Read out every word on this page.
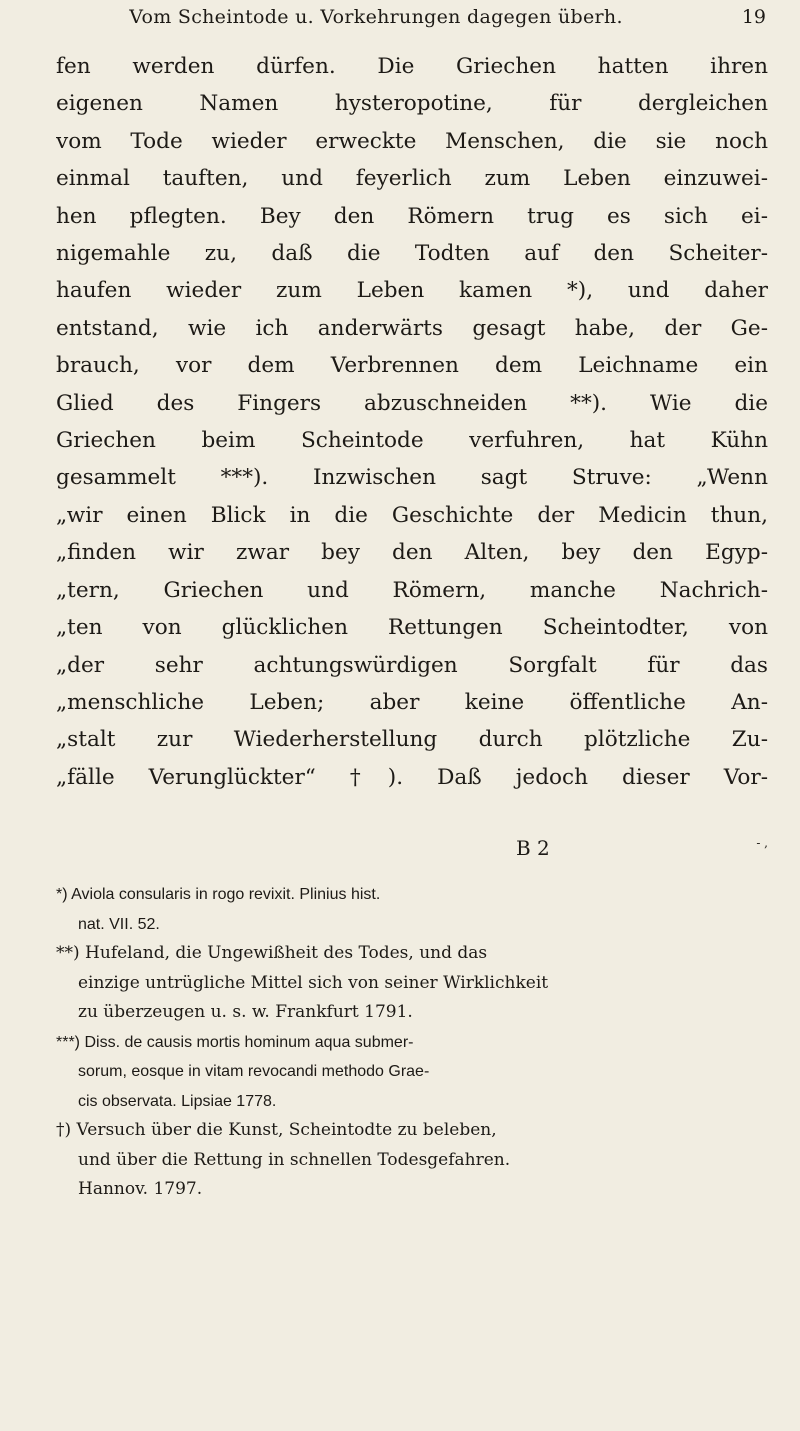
Vom Scheintode u. Vorkehrungen dagegen überh.	19
fen werden dürfen. Die Griechen hatten ihren
eigenen Namen hysteropotine, für dergleichen
vom Tode wieder erweckte Menschen, die sie noch
einmal tauften, und feyerlich zum Leben einzuwei-
hen pflegten. Bey den Römern trug es sich ei-
nigemahle zu, daß die Todten auf den Scheiter-
haufen wieder zum Leben kamen *), und daher
entstand, wie ich anderwärts gesagt habe, der Ge-
brauch, vor dem Verbrennen dem Leichname ein
Glied des Fingers abzuschneiden **). Wie die
Griechen beim Scheintode verfuhren, hat Kühn
gesammelt ***). Inzwischen sagt Struve: „Wenn
„wir einen Blick in die Geschichte der Medicin thun,
„finden wir zwar bey den Alten, bey den Egyp-
„tern, Griechen und Römern, manche Nachrich-
„ten von glücklichen Rettungen Scheintodter, von
„der sehr achtungswürdigen Sorgfalt für das
„menschliche Leben; aber keine öffentliche An-
„stalt zur Wiederherstellung durch plötzliche Zu-
„fälle Verunglückter“ †). Daß jedoch dieser Vor-
B 2	- ,
*) Aviola consularis in rogo revixit. Plinius hist.
nat. VII. 52.
**) Hufeland, die Ungewißheit des Todes, und das
einzige untrügliche Mittel sich von seiner Wirklichkeit
zu überzeugen u. s. w. Frankfurt 1791.
***) Diss. de causis mortis hominum aqua submer-
sorum, eosque in vitam revocandi methodo Grae-
cis observata. Lipsiae 1778.
†) Versuch über die Kunst, Scheintodte zu beleben,
und über die Rettung in schnellen Todesgefahren.
Hannov. 1797.
